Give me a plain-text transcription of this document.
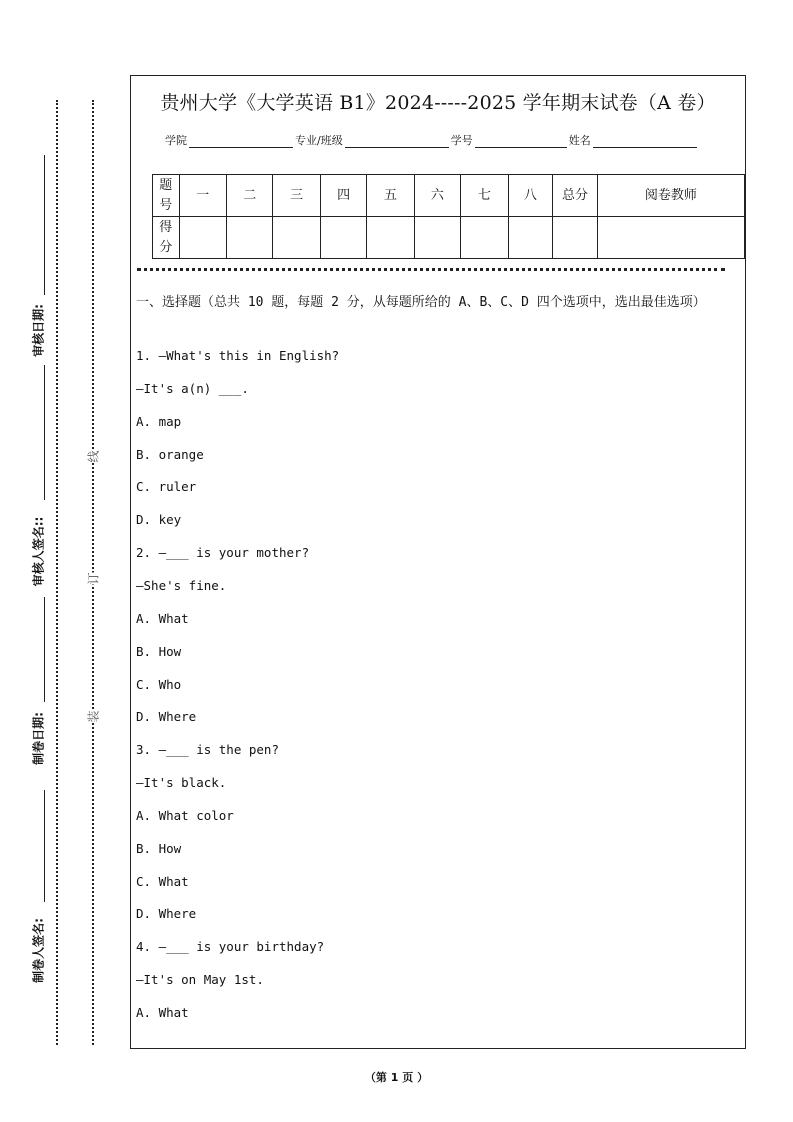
审核日期:
审核人签名::
制卷日期:
制卷人签名:
线
订
装
贵州大学《大学英语 B1》2024-----2025 学年期末试卷（A 卷）
学院	专业/班级	学号	姓名
题号	一	二	三	四	五	六	七	八	总分	阅卷教师
得分										
一、选择题（总共 10 题，每题 2 分，从每题所给的 A、B、C、D 四个选项中，选出最佳选项）
1. —What's this in English?
—It's a(n) ___.
A. map
B. orange
C. ruler
D. key
2. —___ is your mother?
—She's fine.
A. What
B. How
C. Who
D. Where
3. —___ is the pen?
—It's black.
A. What color
B. How
C. What
D. Where
4. —___ is your birthday?
—It's on May 1st.
A. What
（第 1 页 ）
